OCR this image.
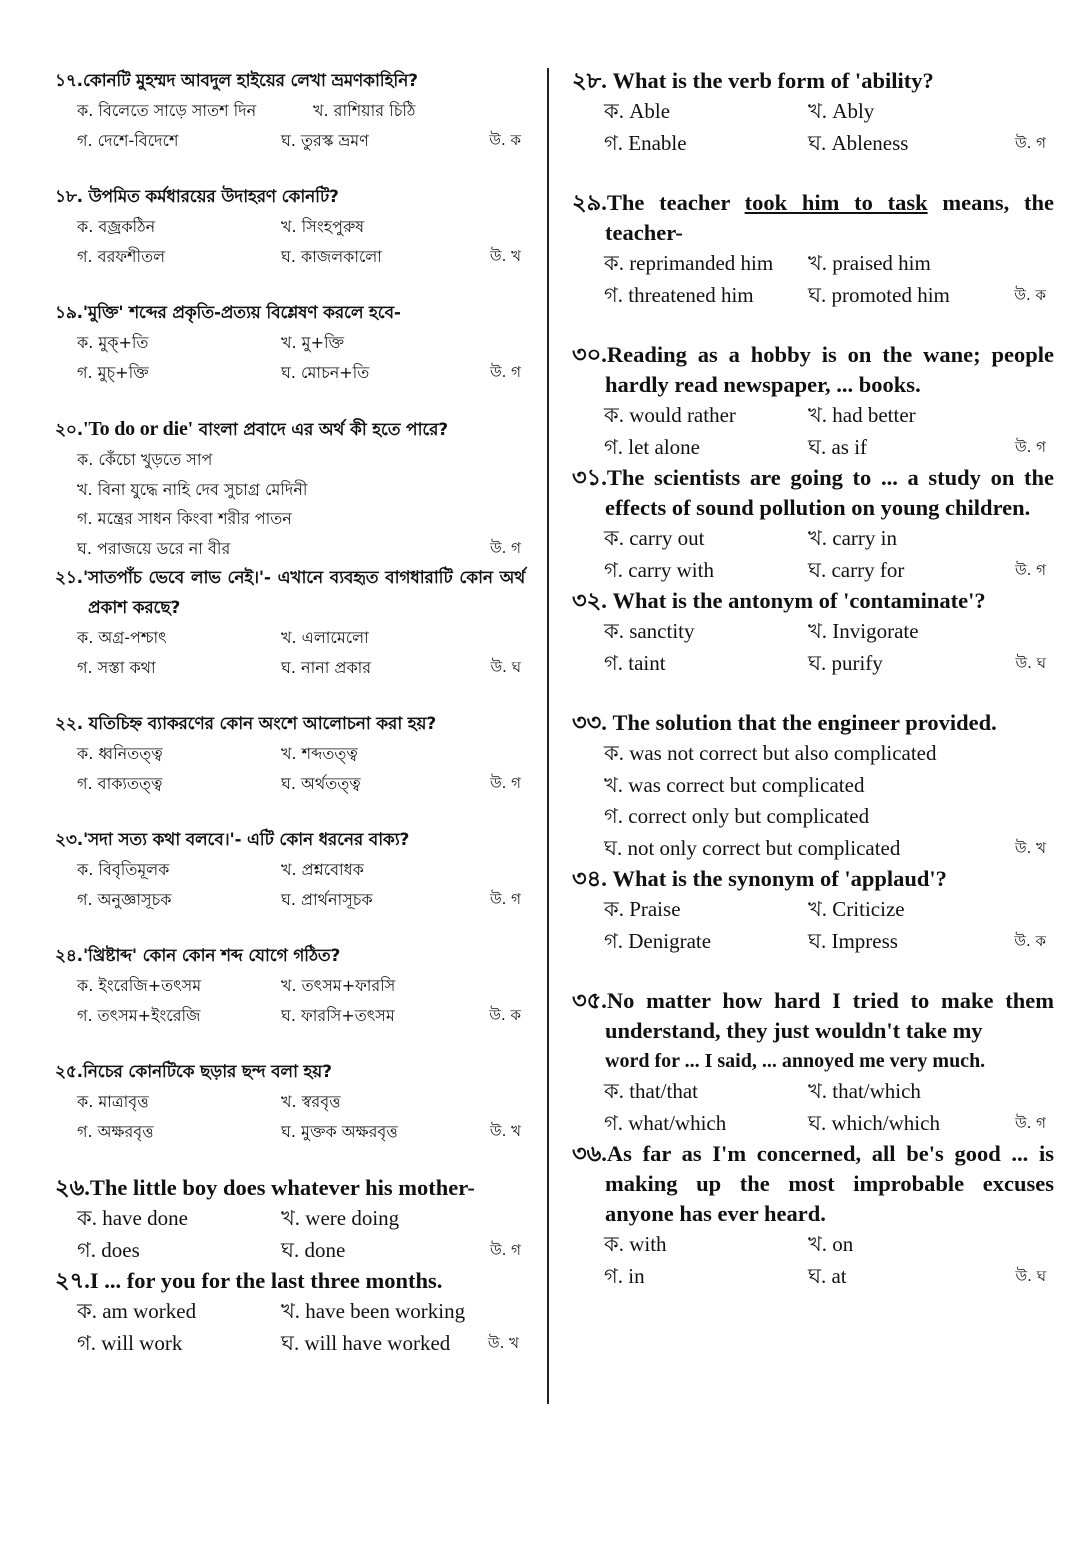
১৭.কোনটি মুহম্মদ আবদুল হাইয়ের লেখা ভ্রমণকাহিনি?
ক. বিলেতে সাড়ে সাতশ দিন	খ. রাশিয়ার চিঠি
গ. দেশে-বিদেশে	ঘ. তুরস্ক ভ্রমণ	উ. ক
১৮. উপমিত কর্মধারয়ের উদাহরণ কোনটি?
ক. বজ্রকঠিন	খ. সিংহপুরুষ
গ. বরফশীতল	ঘ. কাজলকালো	উ. খ
১৯.'মুক্তি' শব্দের প্রকৃতি-প্রত্যয় বিশ্লেষণ করলে হবে-
ক. মুক্+তি	খ. মু+ক্তি
গ. মুচ্+ক্তি	ঘ. মোচন+তি	উ. গ
২০.'To do or die' বাংলা প্রবাদে এর অর্থ কী হতে পারে?
ক. কেঁচো খুড়তে সাপ
খ. বিনা যুদ্ধে নাহি দেব সুচাগ্র মেদিনী
গ. মন্ত্রের সাধন কিংবা শরীর পাতন
ঘ. পরাজয়ে ডরে না বীর	উ. গ
২১.'সাতপাঁচ ভেবে লাভ নেই।'- এখানে ব্যবহৃত বাগধারাটি কোন অর্থ প্রকাশ করছে?
ক. অগ্র-পশ্চাৎ	খ. এলামেলো
গ. সস্তা কথা	ঘ. নানা প্রকার	উ. ঘ
২২. যতিচিহ্ন ব্যাকরণের কোন অংশে আলোচনা করা হয়?
ক. ধ্বনিতত্ত্ব	খ. শব্দতত্ত্ব
গ. বাক্যতত্ত্ব	ঘ. অর্থতত্ত্ব	উ. গ
২৩.'সদা সত্য কথা বলবে।'- এটি কোন ধরনের বাক্য?
ক. বিবৃতিমূলক	খ. প্রশ্নবোধক
গ. অনুজ্ঞাসূচক	ঘ. প্রার্থনাসূচক	উ. গ
২৪.'খ্রিষ্টাব্দ' কোন কোন শব্দ যোগে গঠিত?
ক. ইংরেজি+তৎসম	খ. তৎসম+ফারসি
গ. তৎসম+ইংরেজি	ঘ. ফারসি+তৎসম	উ. ক
২৫.নিচের কোনটিকে ছড়ার ছন্দ বলা হয়?
ক. মাত্রাবৃত্ত	খ. স্বরবৃত্ত
গ. অক্ষরবৃত্ত	ঘ. মুক্তক অক্ষরবৃত্ত	উ. খ
২৬.The little boy does whatever his mother-
ক. have done	খ. were doing
গ. does	ঘ. done	উ. গ
২৭.I ... for you for the last three months.
ক. am worked	খ. have been working
গ. will work	ঘ. will have worked	উ. খ
২৮. What is the verb form of 'ability?
ক. Able	খ. Ably
গ. Enable	ঘ. Ableness	উ. গ
২৯.The teacher took him to task means, the teacher-
ক. reprimanded him খ. praised him
গ. threatened him	ঘ. promoted him	উ. ক
৩০.Reading as a hobby is on the wane; people hardly read newspaper, ... books.
ক. would rather	খ. had better
গ. let alone	ঘ. as if	উ. গ
৩১.The scientists are going to ... a study on the effects of sound pollution on young children.
ক. carry out	খ. carry in
গ. carry with	ঘ. carry for	উ. গ
৩২. What is the antonym of 'contaminate'?
ক. sanctity	খ. Invigorate
গ. taint	ঘ. purify	উ. ঘ
৩৩. The solution that the engineer provided.
ক. was not correct but also complicated
খ. was correct but complicated
গ. correct only but complicated
ঘ. not only correct but complicated	উ. খ
৩৪. What is the synonym of 'applaud'?
ক. Praise	খ. Criticize
গ. Denigrate	ঘ. Impress	উ. ক
৩৫.No matter how hard I tried to make them understand, they just wouldn't take my
word for ... I said, ... annoyed me very much.
ক. that/that	খ. that/which
গ. what/which	ঘ. which/which	উ. গ
৩৬.As far as I'm concerned, all be's good ... is making up the most improbable excuses anyone has ever heard.
ক. with	খ. on
গ. in	ঘ. at	উ. ঘ
